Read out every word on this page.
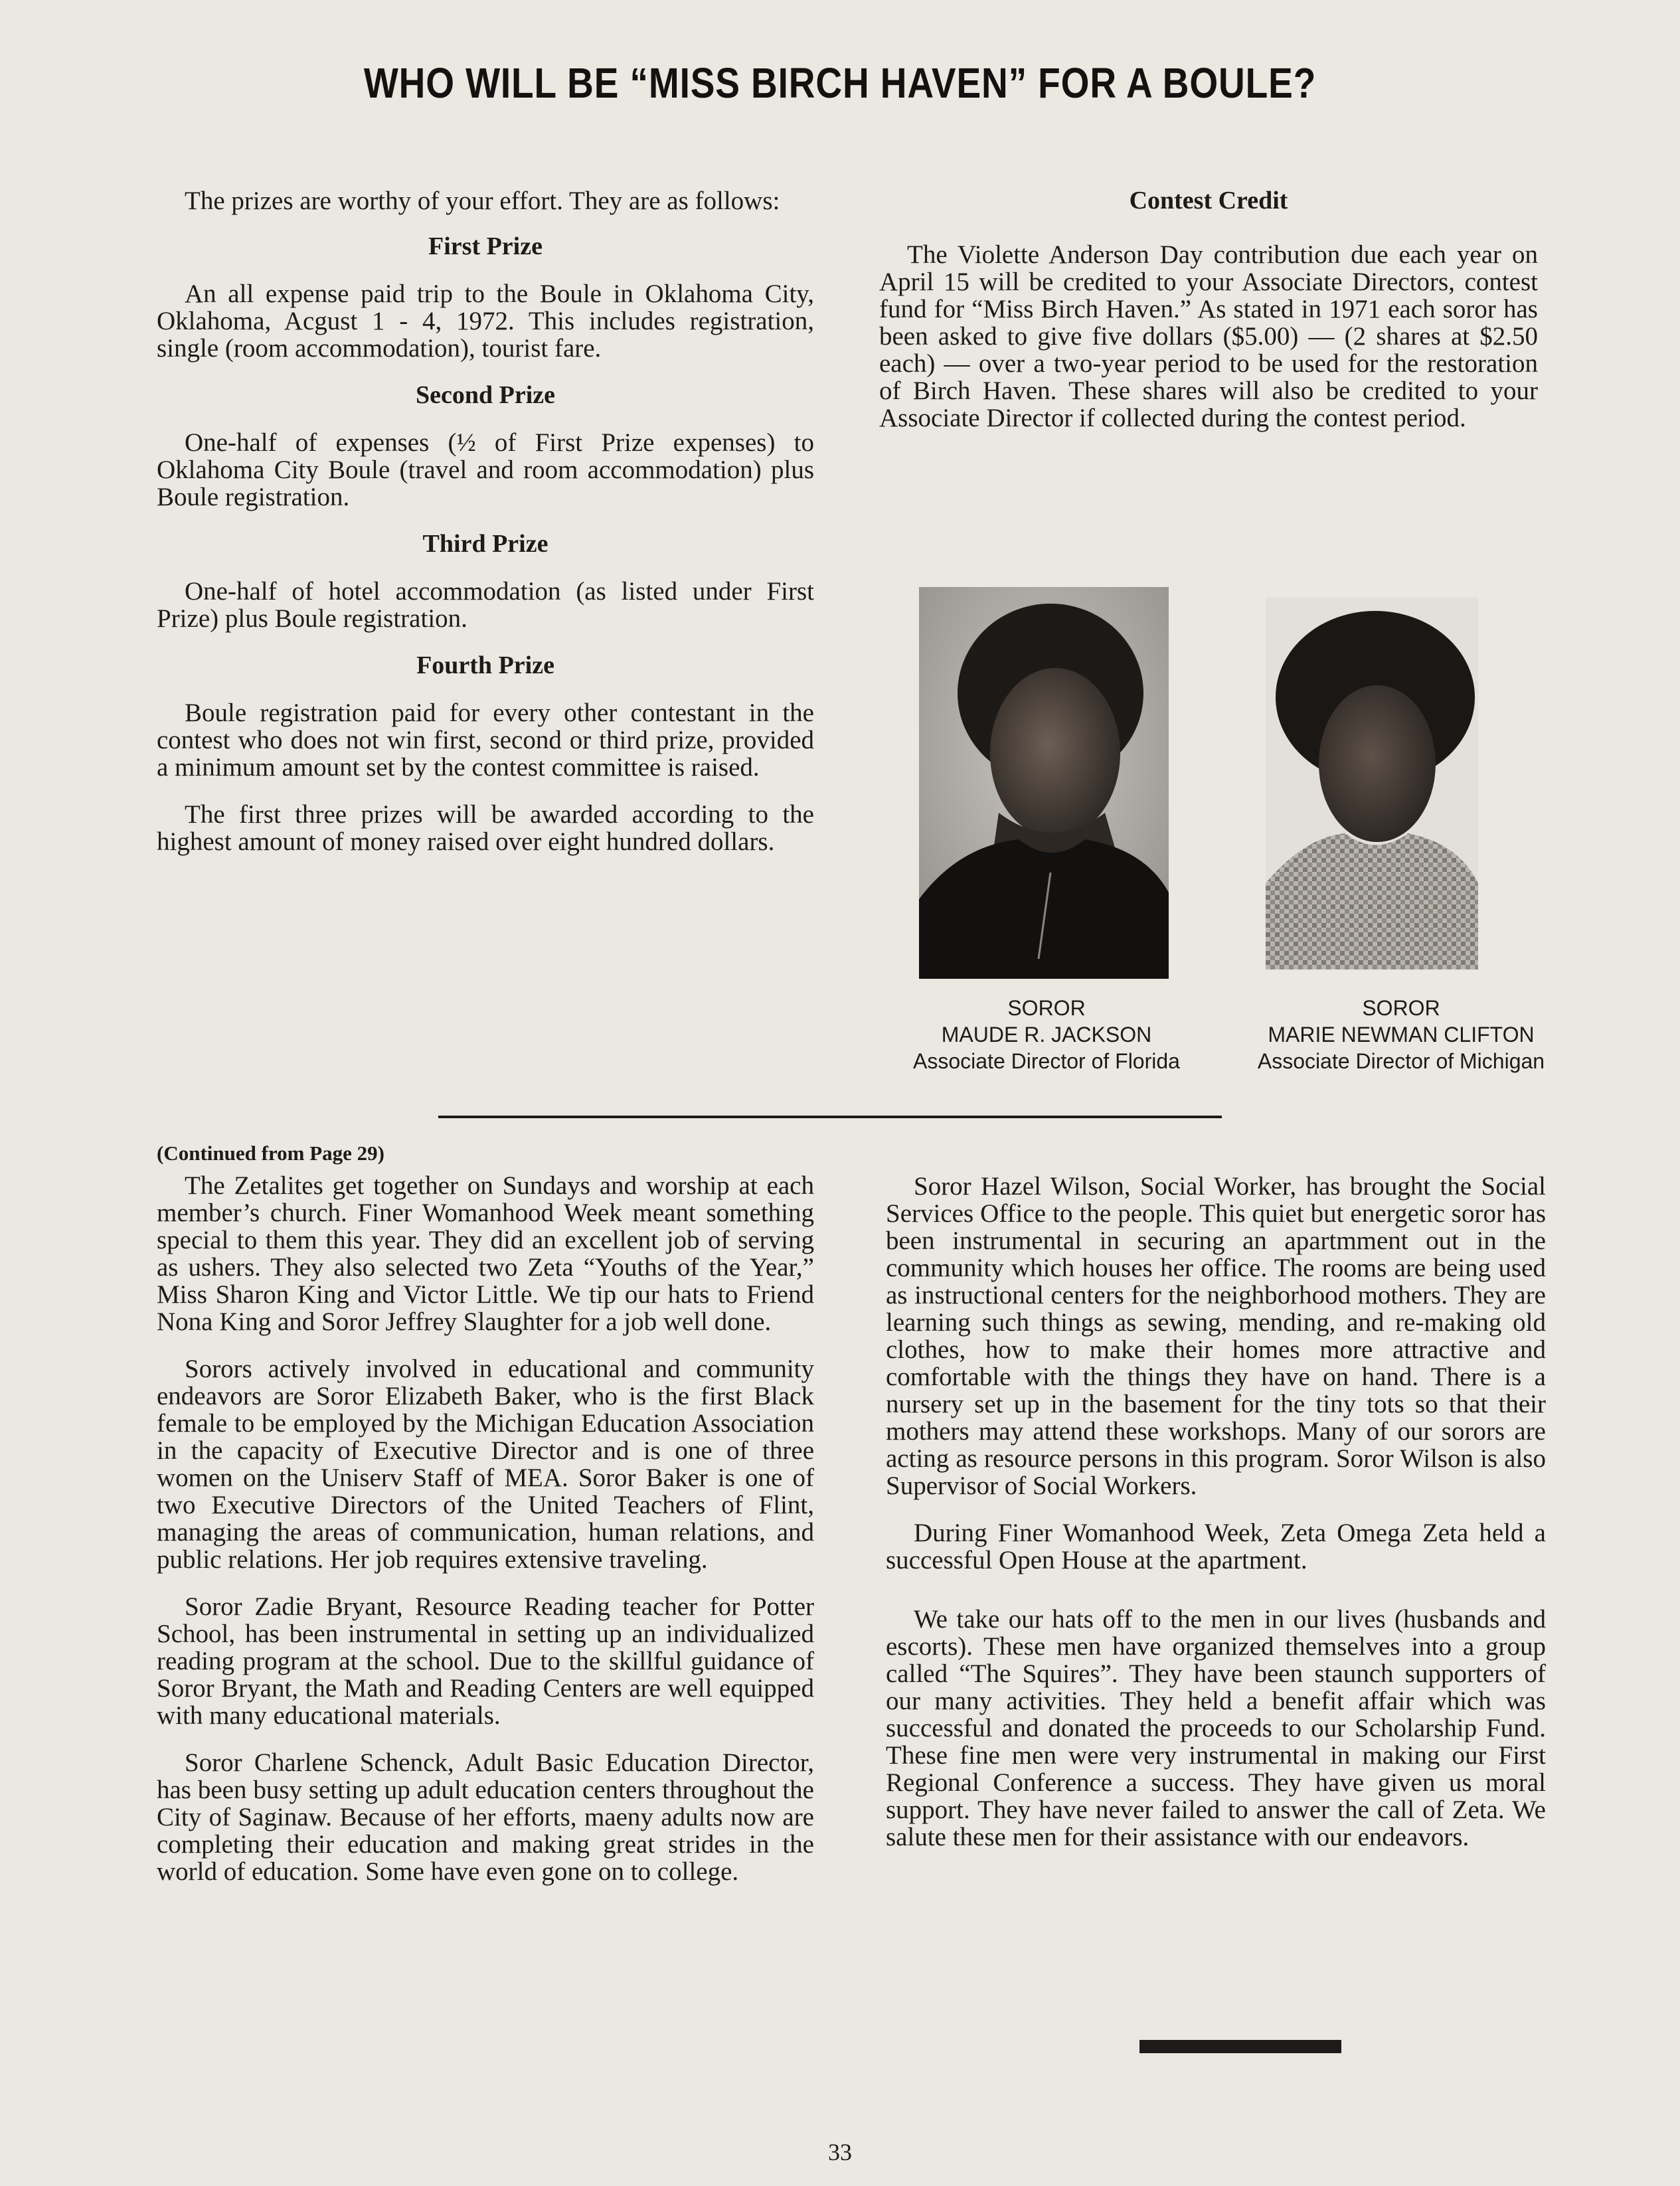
WHO WILL BE “MISS BIRCH HAVEN” FOR A BOULE?

The prizes are worthy of your effort. They are as follows:

First Prize

An all expense paid trip to the Boule in Oklahoma City, Oklahoma, Acgust 1 - 4, 1972. This includes registration, single (room accommodation), tourist fare.

Second Prize

One-half of expenses (½ of First Prize expenses) to Oklahoma City Boule (travel and room accommodation) plus Boule registration.

Third Prize

One-half of hotel accommodation (as listed under First Prize) plus Boule registration.

Fourth Prize

Boule registration paid for every other contestant in the contest who does not win first, second or third prize, provided a minimum amount set by the contest committee is raised.

The first three prizes will be awarded according to the highest amount of money raised over eight hundred dollars.

Contest Credit

The Violette Anderson Day contribution due each year on April 15 will be credited to your Associate Directors, contest fund for “Miss Birch Haven.” As stated in 1971 each soror has been asked to give five dollars ($5.00) — (2 shares at $2.50 each) — over a two-year period to be used for the restoration of Birch Haven. These shares will also be credited to your Associate Director if collected during the contest period.

SOROR
MAUDE R. JACKSON
Associate Director of Florida
SOROR
MARIE NEWMAN CLIFTON
Associate Director of Michigan
(Continued from Page 29)

The Zetalites get together on Sundays and worship at each member’s church. Finer Womanhood Week meant something special to them this year. They did an excellent job of serving as ushers. They also selected two Zeta “Youths of the Year,” Miss Sharon King and Victor Little. We tip our hats to Friend Nona King and Soror Jeffrey Slaughter for a job well done.

Sorors actively involved in educational and community endeavors are Soror Elizabeth Baker, who is the first Black female to be employed by the Michigan Education Association in the capacity of Executive Director and is one of three women on the Uniserv Staff of MEA. Soror Baker is one of two Executive Directors of the United Teachers of Flint, managing the areas of communication, human relations, and public relations. Her job requires extensive traveling.

Soror Zadie Bryant, Resource Reading teacher for Potter School, has been instrumental in setting up an individualized reading program at the school. Due to the skillful guidance of Soror Bryant, the Math and Reading Centers are well equipped with many educational materials.

Soror Charlene Schenck, Adult Basic Education Director, has been busy setting up adult education centers throughout the City of Saginaw. Because of her efforts, maeny adults now are completing their education and making great strides in the world of education. Some have even gone on to college.

Soror Hazel Wilson, Social Worker, has brought the Social Services Office to the people. This quiet but energetic soror has been instrumental in securing an apartmment out in the community which houses her office. The rooms are being used as instructional centers for the neighborhood mothers. They are learning such things as sewing, mending, and re-making old clothes, how to make their homes more attractive and comfortable with the things they have on hand. There is a nursery set up in the basement for the tiny tots so that their mothers may attend these workshops. Many of our sorors are acting as resource persons in this program. Soror Wilson is also Supervisor of Social Workers.

During Finer Womanhood Week, Zeta Omega Zeta held a successful Open House at the apartment.

We take our hats off to the men in our lives (husbands and escorts). These men have organized themselves into a group called “The Squires”. They have been staunch supporters of our many activities. They held a benefit affair which was successful and donated the proceeds to our Scholarship Fund. These fine men were very instrumental in making our First Regional Conference a success. They have given us moral support. They have never failed to answer the call of Zeta. We salute these men for their assistance with our endeavors.

33
